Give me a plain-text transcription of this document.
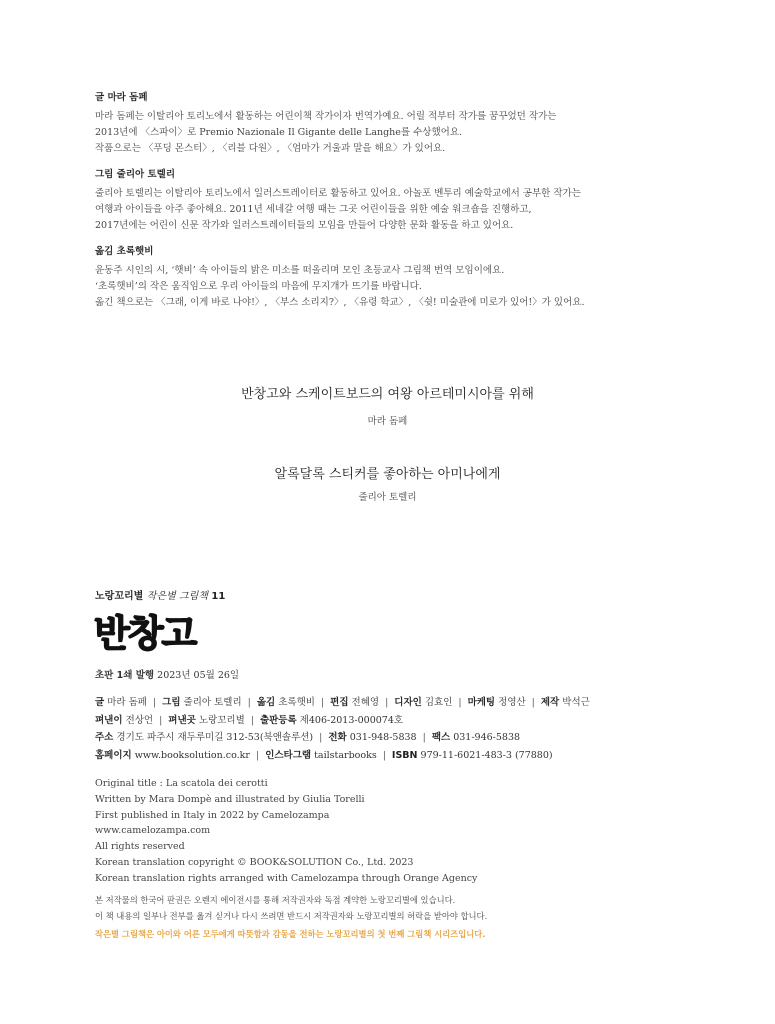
글 마라 돔페

마라 돔페는 이탈리아 토리노에서 활동하는 어린이책 작가이자 번역가예요. 어릴 적부터 작가를 꿈꾸었던 작가는

2013년에 〈스파이〉로 Premio Nazionale Il Gigante delle Langhe를 수상했어요.

작품으로는 〈푸딩 몬스터〉, 〈리블 다원〉, 〈엄마가 거울과 말을 해요〉가 있어요.

그림 줄리아 토렐리

줄리아 토렐리는 이탈리아 토리노에서 일러스트레이터로 활동하고 있어요. 아놀포 벤투리 예술학교에서 공부한 작가는

여행과 아이들을 아주 좋아해요. 2011년 세네갈 여행 때는 그곳 어린이들을 위한 예술 워크숍을 진행하고,

2017년에는 어린이 신문 작가와 일러스트레이터들의 모임을 만들어 다양한 문화 활동을 하고 있어요.

옮김 초록햇비

윤동주 시인의 시, ‘햇비’ 속 아이들의 밝은 미소를 떠올리며 모인 초등교사 그림책 번역 모임이에요.

‘초록햇비’의 작은 움직임으로 우리 아이들의 마음에 무지개가 뜨기를 바랍니다.

옮긴 책으로는 〈그래, 이게 바로 나야!〉, 〈부스 소리지?〉, 〈유령 학교〉, 〈쉿! 미술관에 미로가 있어!〉가 있어요.

반창고와 스케이트보드의 여왕 아르테미시아를 위해
마라 돔페
알록달록 스티커를 좋아하는 아미나에게
줄리아 토렐리
노랑꼬리별 작은별 그림책 11
반창고
초판 1쇄 발행 2023년 05월 26일
글 마라 돔페 | 그림 줄리아 토렐리 | 옮김 초록햇비 | 편집 전혜영 | 디자인 김효인 | 마케팅 정영산 | 제작 박석근
펴낸이 전상언 | 펴낸곳 노랑꼬리별 | 출판등록 제406-2013-000074호
주소 경기도 파주시 재두루미길 312-53(북앤솔루션) | 전화 031-948-5838 | 팩스 031-946-5838
홈페이지 www.booksolution.co.kr | 인스타그램 tailstarbooks | ISBN 979-11-6021-483-3 (77880)

Original title : La scatola dei cerotti

Written by Mara Dompè and illustrated by Giulia Torelli

First published in Italy in 2022 by Camelozampa

www.camelozampa.com

All rights reserved

Korean translation copyright © BOOK&SOLUTION Co., Ltd. 2023

Korean translation rights arranged with Camelozampa through Orange Agency

본 저작물의 한국어 판권은 오렌지 에이전시를 통해 저작권자와 독점 계약한 노랑꼬리별에 있습니다.

이 책 내용의 일부나 전부를 옮겨 싣거나 다시 쓰려면 반드시 저작권자와 노랑꼬리별의 허락을 받아야 합니다.

작은별 그림책은 아이와 어른 모두에게 따뜻함과 감동을 전하는 노랑꼬리별의 첫 번째 그림책 시리즈입니다.
